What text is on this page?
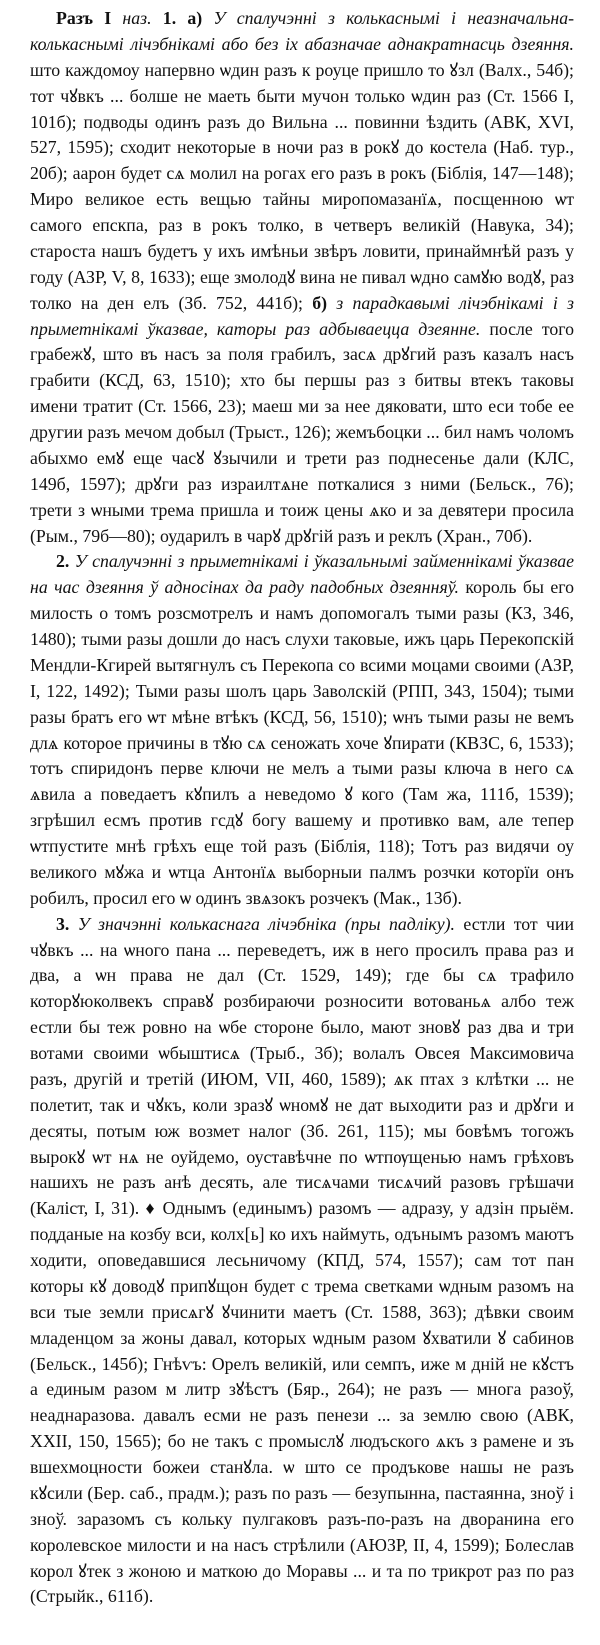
Разъ I наз. 1. а) У спалучэнні з колькаснымі і неазначальна-колькаснымі лічэбнікамі або без іх абазначае аднакратнасць дзеяння. што каждомоу напервно ѡдин разъ к роуце пришло то ꙋзл (Валх., 54б); тот чꙋвкъ ... болше не маеть быти мучон только ѡдин раз (Ст. 1566 I, 101б); подводы одинъ разъ до Вильна ... повинни ѣздить (АВК, XVI, 527, 1595); сходит некоторые в ночи раз в рокꙋ до костела (Наб. тур., 20б); аарон будет сѧ молил на рогах его разъ в рокъ (Біблія, 147—148); Миро великое есть вещью тайны миропомазанїѧ, посщенною ѡт самого епскпа, раз в рокъ толко, в четверъ великій (Навука, 34); староста нашъ будетъ у ихъ имѣньи звѣръ ловити, принаймнѣй разъ у году (АЗР, V, 8, 1633); еще змолодꙋ вина не пивал ѡдно самꙋю водꙋ, раз толко на ден елъ (Зб. 752, 441б); б) з парадкавымі лічэбнікамі і з прыметнікамі ўказвае, каторы раз адбываецца дзеянне. после того грабежꙋ, што въ насъ за поля грабилъ, засѧ дрꙋгий разъ казалъ насъ грабити (КСД, 63, 1510); хто бы першы раз з битвы втекъ таковы имени тратит (Ст. 1566, 23); маеш ми за нее дяковати, што еси тобе ее другии разъ мечом добыл (Трыст., 126); жемъбоцки ... бил намъ чоломъ абыхмо емꙋ еще часꙋ ꙋзычили и трети раз поднесенье дали (КЛС, 149б, 1597); дрꙋги раз израилтѧне поткалися з ними (Бельск., 76); трети з ѡными трема пришла и тоиж цены ѧко и за девятери просила (Рым., 79б—80); оударилъ в чарꙋ дрꙋгій разъ и реклъ (Хран., 70б).

2. У спалучэнні з прыметнікамі і ўказальнымі займеннікамі ўказвае на час дзеяння ў адносінах да раду падобных дзеянняў. король бы его милость о томъ розсмотрелъ и намъ допомогалъ тыми разы (КЗ, 346, 1480); тыми разы дошли до насъ слухи таковые, ижъ царь Перекопскій Мендли-Кгирей вытягнулъ съ Перекопа со всими моцами своими (АЗР, I, 122, 1492); Тыми разы шолъ царь Заволскій (РПП, 343, 1504); тыми разы братъ его ѡт мѣне втѣкъ (КСД, 56, 1510); ѡнъ тыми разы не вемъ длѧ которое причины в тꙋю сѧ сеножать хоче ꙋпирати (КВЗС, 6, 1533); тотъ спиридонъ перве ключи не мелъ а тыми разы ключа в него сѧ ѧвила а поведаетъ кꙋпилъ а неведомо ꙋ кого (Там жа, 111б, 1539); згрѣшил есмъ против гсдꙋ богу вашему и противко вам, але тепер ѡтпустите мнѣ грѣхъ еще той разъ (Біблія, 118); Тотъ раз видячи оу великого мꙋжа и ѡтца Антонїѧ выборныи палмъ розчки которїи онъ робилъ, просил его ѡ одинъ звѧзокъ розчекъ (Мак., 13б).

3. У значэнні колькаснага лічэбніка (пры падліку). естли тот чии чꙋвкъ ... на ѡного пана ... переведетъ, иж в него просилъ права раз и два, а ѡн права не дал (Ст. 1529, 149); где бы сѧ трафило которꙋюколвекъ справꙋ розбираючи розносити вотованьѧ албо теж естли бы теж ровно на ѡбе стороне было, мают зновꙋ раз два и три вотами своими ѡбыштисѧ (Трыб., 3б); волалъ Овсея Максимовича разъ, другій и третій (ИЮМ, VII, 460, 1589); ѧк птах з клѣтки ... не полетит, так и чꙋкъ, коли зразꙋ ѡномꙋ не дат выходити раз и дрꙋги и десяты, потым юж возмет налог (Зб. 261, 115); мы бовѣмъ тогожъ вырокꙋ ѡт нѧ не оуйдемо, оуставѣчне по ѡтпѹщенью намъ грѣховъ нашихъ не разъ анѣ десять, але тисѧчами тисѧчий разовъ грѣшачи (Каліст, I, 31). ♦ Однымъ (единымъ) разомъ — адразу, у адзін прыём. подданые на козбу вси, колх[ь] ко ихъ наймуть, одънымъ разомъ маютъ ходити, оповедавшися лесьничому (КПД, 574, 1557); сам тот пан которы кꙋ доводꙋ припꙋщон будет с трема светками ѡдным разомъ на вси тые земли присѧгꙋ ꙋчинити маетъ (Ст. 1588, 363); дѣвки своим младенцом за жоны давал, которых ѡдным разом ꙋхватили ꙋ сабинов (Бельск., 145б); Гнѣѵъ: Орелъ великій, или семпъ, иже м дній не кꙋстъ а единым разом м литр зꙋѣстъ (Бяр., 264); не разъ — многа разоў, неаднаразова. давалъ есми не разъ пенези ... за землю свою (АВК, XXII, 150, 1565); бо не такъ с промыслꙋ людъского ѧкъ з рамене и зъ вшехмоцности божеи станꙋла. ѡ што се продъкове нашы не разъ кꙋсили (Бер. саб., прадм.); разъ по разъ — безупынна, пастаянна, зноў і зноў. заразомъ съ кольку пулгаковъ разъ-по-разъ на дворанина его королевское милости и на насъ стрѣлили (АЮЗР, II, 4, 1599); Болеслав корол ꙋтек з жоною и маткою до Моравы ... и та по трикрот раз по раз (Стрыйк., 611б).
